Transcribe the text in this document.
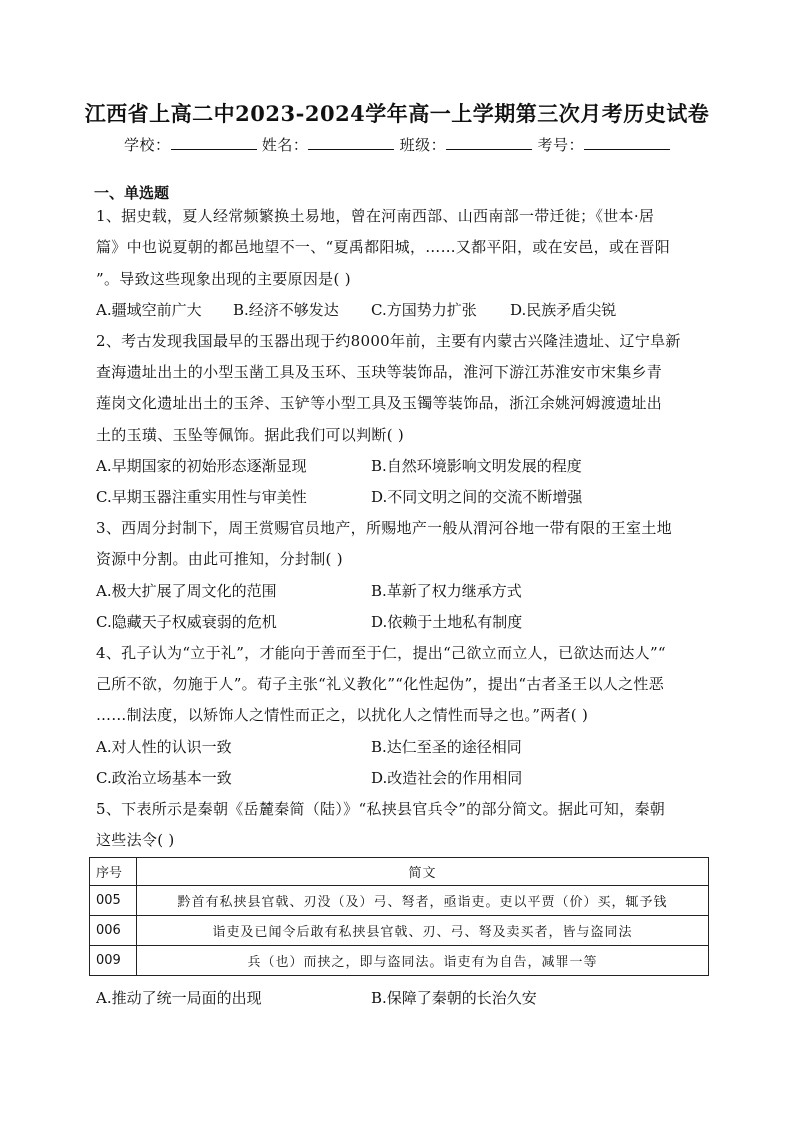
江西省上高二中2023-2024学年高一上学期第三次月考历史试卷
学校：	姓名：	班级：	考号：
一、单选题
1、据史载，夏人经常频繁换土易地，曾在河南西部、山西南部一带迁徙；《世本·居
篇》中也说夏朝的都邑地望不一、“夏禹都阳城，……又都平阳，或在安邑，或在晋阳
”。导致这些现象出现的主要原因是( )
A.疆域空前广大 B.经济不够发达 C.方国势力扩张 D.民族矛盾尖锐
2、考古发现我国最早的玉器出现于约8000年前，主要有内蒙古兴隆洼遗址、辽宁阜新
查海遗址出土的小型玉凿工具及玉环、玉玦等装饰品，淮河下游江苏淮安市宋集乡青
莲岗文化遗址出土的玉斧、玉铲等小型工具及玉镯等装饰品，浙江余姚河姆渡遗址出
土的玉璜、玉坠等佩饰。据此我们可以判断( )
A.早期国家的初始形态逐渐显现	B.自然环境影响文明发展的程度
C.早期玉器注重实用性与审美性	D.不同文明之间的交流不断增强
3、西周分封制下，周王赏赐官员地产，所赐地产一般从渭河谷地一带有限的王室土地
资源中分割。由此可推知，分封制( )
A.极大扩展了周文化的范围	B.革新了权力继承方式
C.隐藏天子权威衰弱的危机	D.依赖于土地私有制度
4、孔子认为“立于礼”，才能向于善而至于仁，提出“己欲立而立人，已欲达而达人”“
己所不欲，勿施于人”。荀子主张“礼义教化”“化性起伪”，提出“古者圣王以人之性恶
……制法度，以矫饰人之情性而正之，以扰化人之情性而导之也。”两者( )
A.对人性的认识一致	B.达仁至圣的途径相同
C.政治立场基本一致	D.改造社会的作用相同
5、下表所示是秦朝《岳麓秦简（陆）》“私挟县官兵令”的部分简文。据此可知，秦朝
这些法令( )
序号	简文
005	黔首有私挟县官戟、刃没（及）弓、弩者，亟诣吏。吏以平贾（价）买，辄予钱
006	诣吏及已闻令后敢有私挟县官戟、刃、弓、弩及卖买者，皆与盗同法
009	兵（也）而挟之，即与盗同法。诣吏有为自告，减罪一等
A.推动了统一局面的出现	B.保障了秦朝的长治久安
